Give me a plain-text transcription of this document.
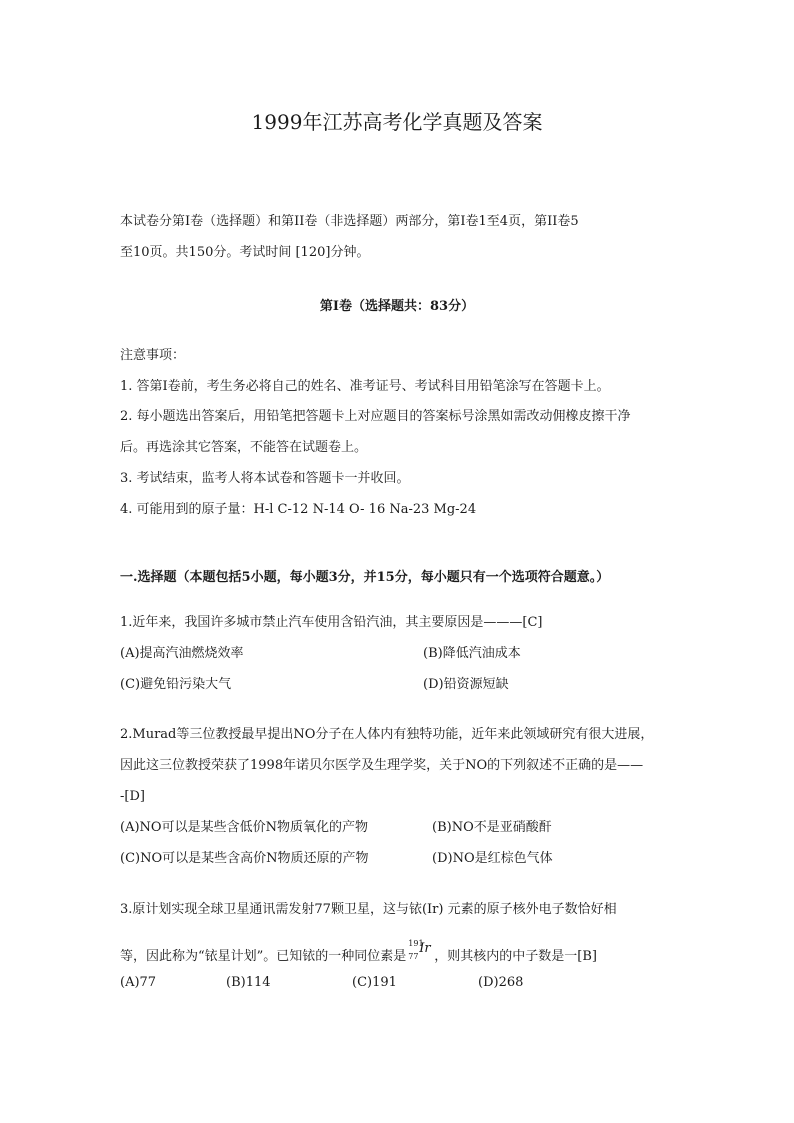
1999年江苏高考化学真题及答案
本试卷分第I卷（选择题）和第II卷（非选择题）两部分，第I卷1至4页，第II卷5
至10页。共150分。考试时间 [120]分钟。
第I卷（选择题共：83分）
注意事项：
1. 答第I卷前，考生务必将自己的姓名、准考证号、考试科目用铅笔涂写在答题卡上。
2. 每小题选出答案后，用铅笔把答题卡上对应题目的答案标号涂黑如需改动佣橡皮擦干净
后。再选涂其它答案，不能答在试题卷上。
3. 考试结束，监考人将本试卷和答题卡一并收回。
4. 可能用到的原子量：H-l C-12 N-14 O- 16 Na-23 Mg-24
一.选择题（本题包括5小题，每小题3分，并15分，每小题只有一个选项符合题意。）
1.近年来，我国许多城市禁止汽车使用含铅汽油，其主要原因是———[C]
(A)提高汽油燃烧效率	(B)降低汽油成本
(C)避免铅污染大气	(D)铅资源短缺
2.Murad等三位教授最早提出NO分子在人体内有独特功能，近年来此领域研究有很大进展，
因此这三位教授荣获了1998年诺贝尔医学及生理学奖，关于NO的下列叙述不正确的是——
-[D]
(A)NO可以是某些含低价N物质氧化的产物	(B)NO不是亚硝酸酐
(C)NO可以是某些含高价N物质还原的产物	(D)NO是红棕色气体
3.原计划实现全球卫星通讯需发射77颗卫星，这与铱(Ir) 元素的原子核外电子数恰好相
等，因此称为“铱星计划”。已知铱的一种同位素是
191
77
Ir
，则其核内的中子数是一[B]
(A)77	(B)114	(C)191	(D)268
